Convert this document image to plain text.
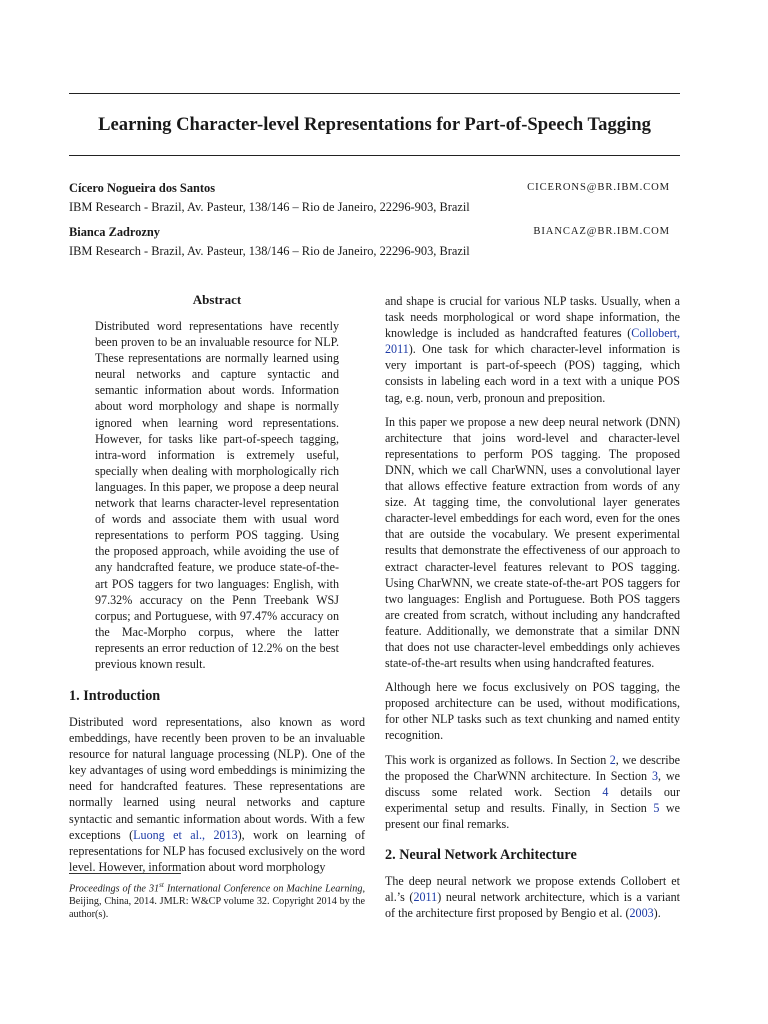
Learning Character-level Representations for Part-of-Speech Tagging
Cícero Nogueira dos Santos	CICERONS@BR.IBM.COM
IBM Research - Brazil, Av. Pasteur, 138/146 – Rio de Janeiro, 22296-903, Brazil
Bianca Zadrozny	BIANCAZ@BR.IBM.COM
IBM Research - Brazil, Av. Pasteur, 138/146 – Rio de Janeiro, 22296-903, Brazil
Abstract
Distributed word representations have recently been proven to be an invaluable resource for NLP. These representations are normally learned using neural networks and capture syntactic and semantic information about words. Information about word morphology and shape is normally ignored when learning word representations. However, for tasks like part-of-speech tagging, intra-word information is extremely useful, specially when dealing with morphologically rich languages. In this paper, we propose a deep neural network that learns character-level representation of words and associate them with usual word representations to perform POS tagging. Using the proposed approach, while avoiding the use of any handcrafted feature, we produce state-of-the-art POS taggers for two languages: English, with 97.32% accuracy on the Penn Treebank WSJ corpus; and Portuguese, with 97.47% accuracy on the Mac-Morpho corpus, where the latter represents an error reduction of 12.2% on the best previous known result.
1. Introduction

Distributed word representations, also known as word embeddings, have recently been proven to be an invaluable resource for natural language processing (NLP). One of the key advantages of using word embeddings is minimizing the need for handcrafted features. These representations are normally learned using neural networks and capture syntactic and semantic information about words. With a few exceptions (Luong et al., 2013), work on learning of representations for NLP has focused exclusively on the word level. However, information about word morphology

Proceedings of the 31st International Conference on Machine Learning, Beijing, China, 2014. JMLR: W&CP volume 32. Copyright 2014 by the author(s).

and shape is crucial for various NLP tasks. Usually, when a task needs morphological or word shape information, the knowledge is included as handcrafted features (Collobert, 2011). One task for which character-level information is very important is part-of-speech (POS) tagging, which consists in labeling each word in a text with a unique POS tag, e.g. noun, verb, pronoun and preposition.

In this paper we propose a new deep neural network (DNN) architecture that joins word-level and character-level representations to perform POS tagging. The proposed DNN, which we call CharWNN, uses a convolutional layer that allows effective feature extraction from words of any size. At tagging time, the convolutional layer generates character-level embeddings for each word, even for the ones that are outside the vocabulary. We present experimental results that demonstrate the effectiveness of our approach to extract character-level features relevant to POS tagging. Using CharWNN, we create state-of-the-art POS taggers for two languages: English and Portuguese. Both POS taggers are created from scratch, without including any handcrafted feature. Additionally, we demonstrate that a similar DNN that does not use character-level embeddings only achieves state-of-the-art results when using handcrafted features.

Although here we focus exclusively on POS tagging, the proposed architecture can be used, without modifications, for other NLP tasks such as text chunking and named entity recognition.

This work is organized as follows. In Section 2, we describe the proposed the CharWNN architecture. In Section 3, we discuss some related work. Section 4 details our experimental setup and results. Finally, in Section 5 we present our final remarks.

2. Neural Network Architecture

The deep neural network we propose extends Collobert et al.’s (2011) neural network architecture, which is a variant of the architecture first proposed by Bengio et al. (2003).
